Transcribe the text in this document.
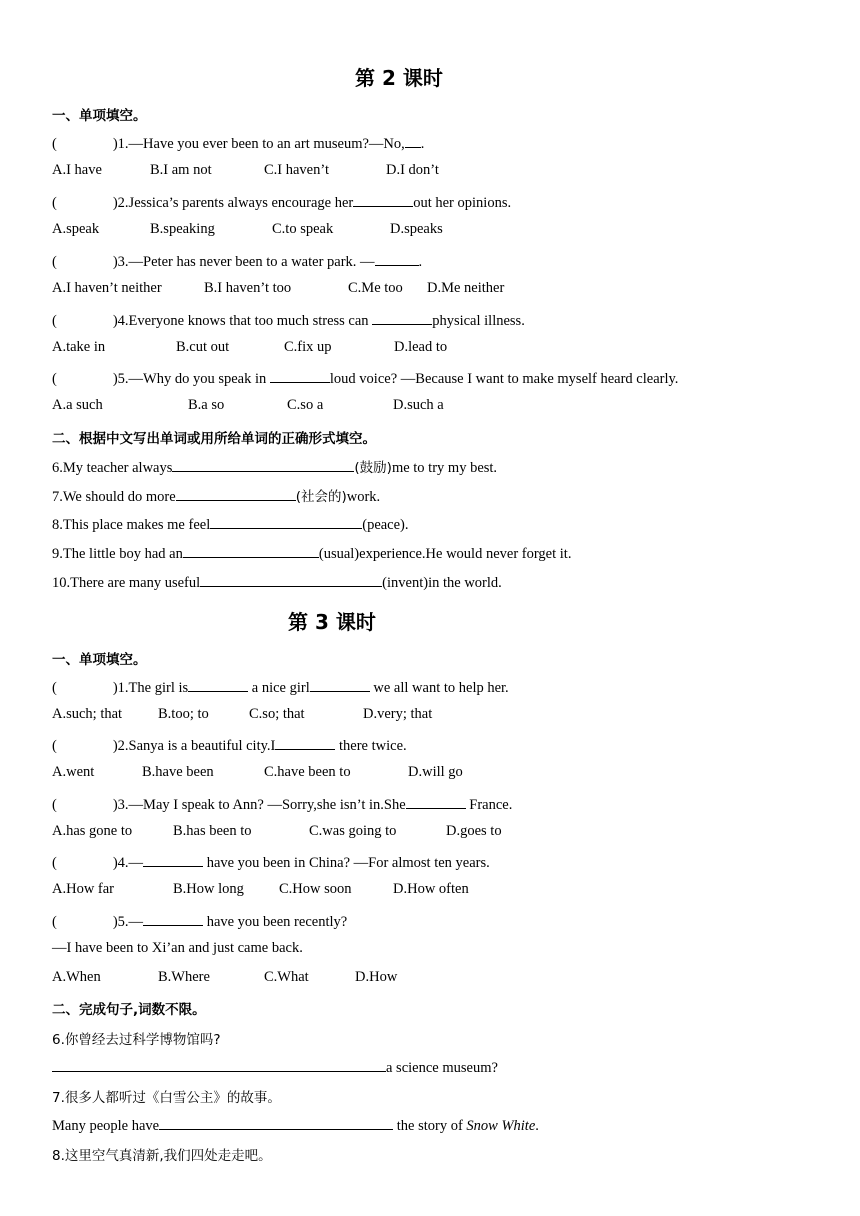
第 2 课时
一、单项填空。
(	)1.—Have you ever been to an art museum?—No, .
A.I have	B.I am not	C.I haven’t	D.I don’t
(	)2.Jessica’s parents always encourage her	out her opinions.
A.speak	B.speaking	C.to speak	D.speaks
(	)3.—Peter has never been to a water park. —	.
A.I haven’t neither	B.I haven’t too	C.Me too D.Me neither
(	)4.Everyone knows that too much stress can	physical illness.
A.take in	B.cut out	C.fix up	D.lead to
(	)5.—Why do you speak in	loud voice? —Because I want to make myself heard clearly.
A.a such	B.a so	C.so a	D.such a
二、根据中文写出单词或用所给单词的正确形式填空。
6.My teacher always	(鼓励)me to try my best.
7.We should do more	(社会的)work.
8.This place makes me feel	(peace).
9.The little boy had an	(usual)experience.He would never forget it.
10.There are many useful	(invent)in the world.
第 3 课时
一、单项填空。
(	)1.The girl is	a nice girl	we all want to help her.
A.such; that B.too; to	C.so; that	D.very; that
(	)2.Sanya is a beautiful city.I	there twice.
A.went	B.have been	C.have been to	D.will go
(	)3.—May I speak to Ann? —Sorry,she isn’t in.She	France.
A.has gone to	B.has been to	C.was going to	D.goes to
(	)4.—	have you been in China? —For almost ten years.
A.How far	B.How long C.How soon	D.How often
(	)5.—	have you been recently?
—I have been to Xi’an and just came back.
A.When	B.Where	C.What	D.How
二、完成句子,词数不限。
6.你曾经去过科学博物馆吗?
a science museum?
7.很多人都听过《白雪公主》的故事。
Many people have	the story of Snow White.
8.这里空气真清新,我们四处走走吧。
